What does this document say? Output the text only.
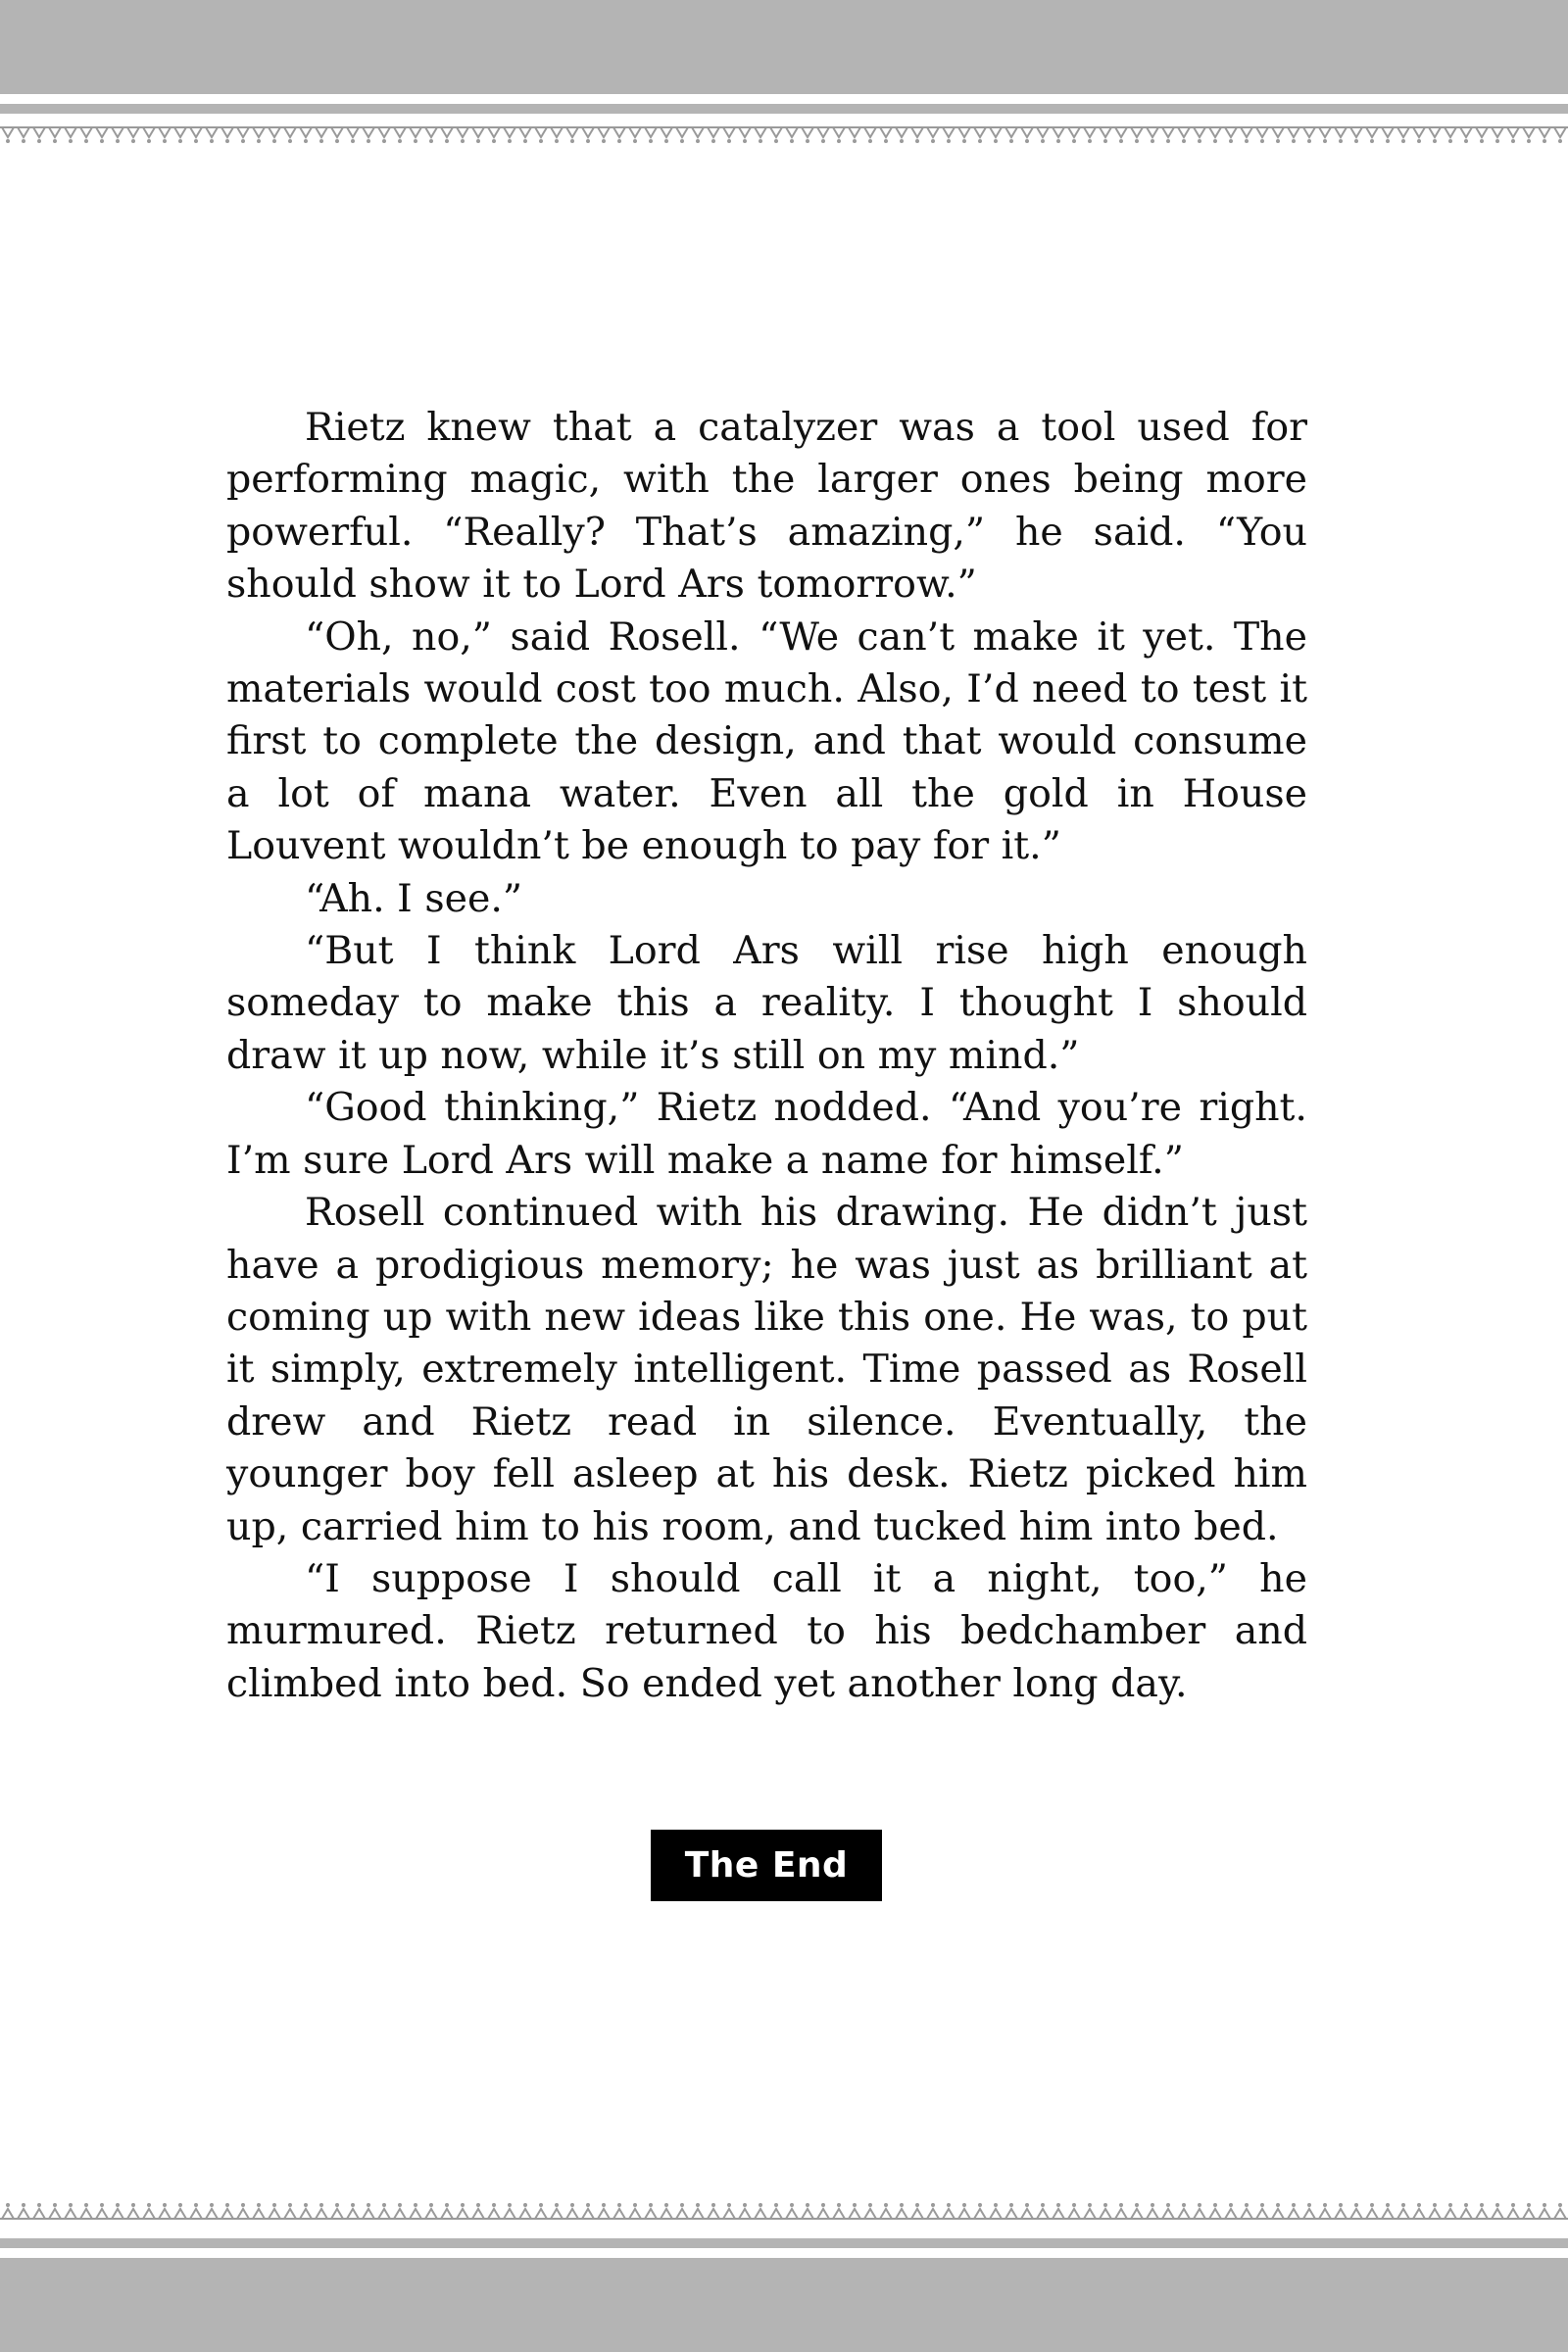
Rietz knew that a catalyzer was a tool used for performing magic, with the larger ones being more powerful. “Really? That’s amazing,” he said. “You should show it to Lord Ars tomorrow.”

“Oh, no,” said Rosell. “We can’t make it yet. The materials would cost too much. Also, I’d need to test it first to complete the design, and that would consume a lot of mana water. Even all the gold in House Louvent wouldn’t be enough to pay for it.”

“Ah. I see.”

“But I think Lord Ars will rise high enough someday to make this a reality. I thought I should draw it up now, while it’s still on my mind.”

“Good thinking,” Rietz nodded. “And you’re right. I’m sure Lord Ars will make a name for himself.”

Rosell continued with his drawing. He didn’t just have a prodigious memory; he was just as brilliant at coming up with new ideas like this one. He was, to put it simply, extremely intelligent. Time passed as Rosell drew and Rietz read in silence. Eventually, the younger boy fell asleep at his desk. Rietz picked him up, carried him to his room, and tucked him into bed.

“I suppose I should call it a night, too,” he murmured. Rietz returned to his bedchamber and climbed into bed. So ended yet another long day.

The End
